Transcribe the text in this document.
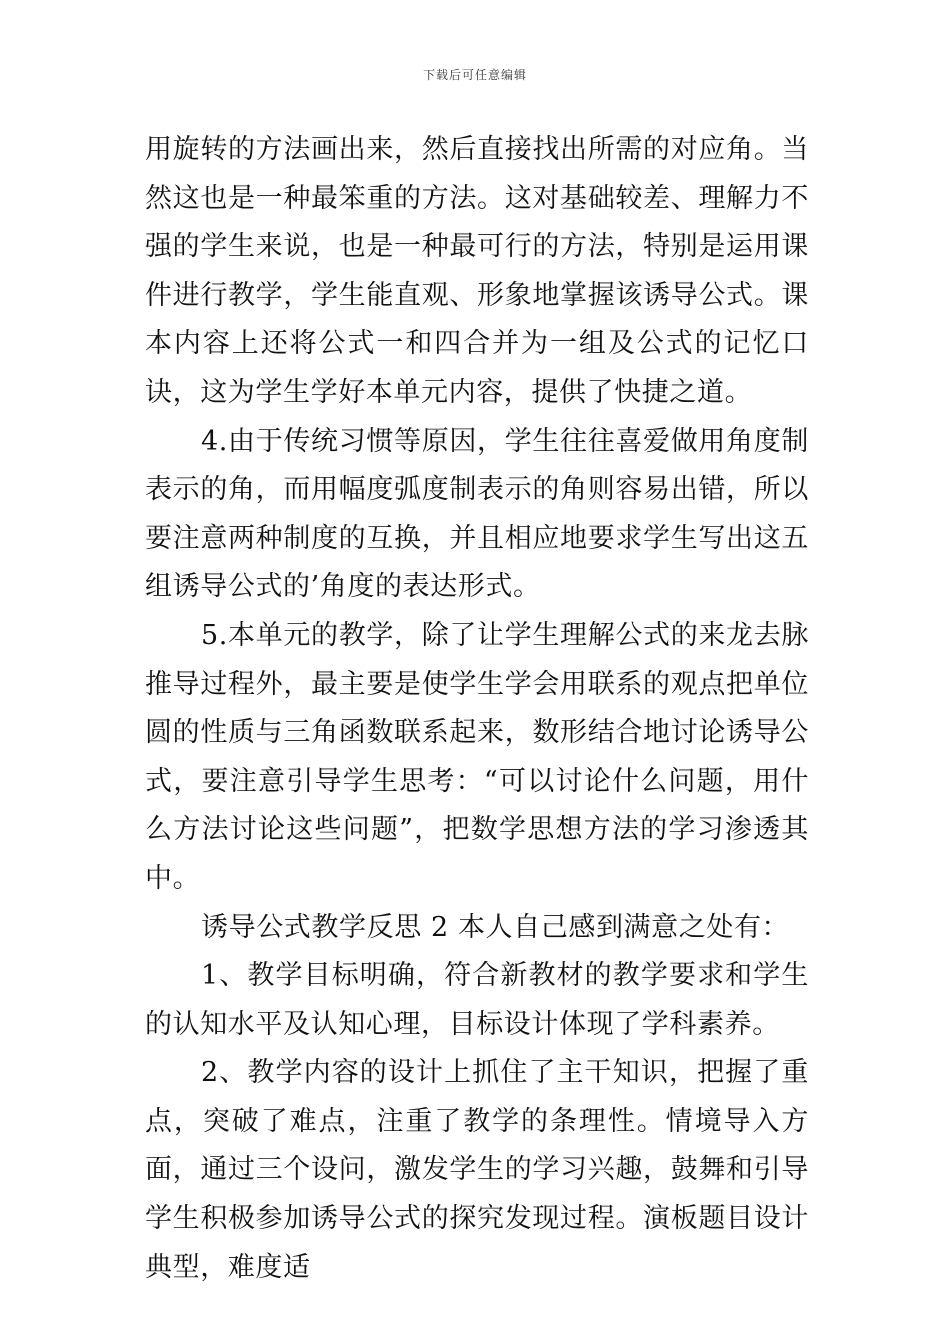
下载后可任意编辑

用旋转的方法画出来，然后直接找出所需的对应角。当然这也是一种最笨重的方法。这对基础较差、理解力不强的学生来说，也是一种最可行的方法，特别是运用课件进行教学，学生能直观、形象地掌握该诱导公式。课本内容上还将公式一和四合并为一组及公式的记忆口诀，这为学生学好本单元内容，提供了快捷之道。

4.由于传统习惯等原因，学生往往喜爱做用角度制表示的角，而用幅度弧度制表示的角则容易出错，所以要注意两种制度的互换，并且相应地要求学生写出这五组诱导公式的’角度的表达形式。

5.本单元的教学，除了让学生理解公式的来龙去脉推导过程外，最主要是使学生学会用联系的观点把单位圆的性质与三角函数联系起来，数形结合地讨论诱导公式，要注意引导学生思考：“可以讨论什么问题，用什么方法讨论这些问题”，把数学思想方法的学习渗透其中。

诱导公式教学反思 2 本人自己感到满意之处有：

1、教学目标明确，符合新教材的教学要求和学生的认知水平及认知心理，目标设计体现了学科素养。

2、教学内容的设计上抓住了主干知识，把握了重点，突破了难点，注重了教学的条理性。情境导入方面，通过三个设问，激发学生的学习兴趣，鼓舞和引导学生积极参加诱导公式的探究发现过程。演板题目设计典型，难度适
